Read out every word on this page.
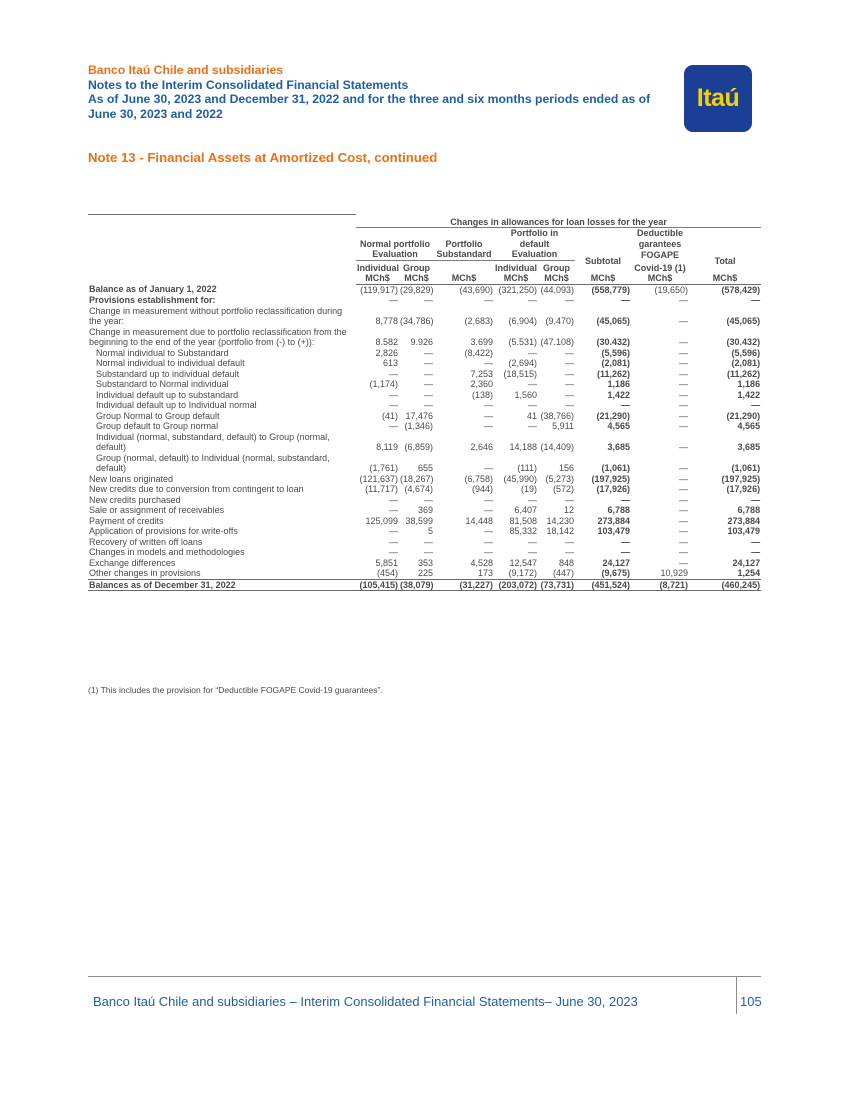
Banco Itaú Chile and subsidiaries
Notes to the Interim Consolidated Financial Statements
As of June 30, 2023 and December 31, 2022 and for the three and six months periods ended as of June 30, 2023 and 2022
Itaú
Note 13 - Financial Assets at Amortized Cost, continued
	Changes in allowances for loan losses for the year							
	Normal portfolio		Portfolio	Portfolio in default			Deductible garantees	
	Evaluation		Substandard	Evaluation		Subtotal	FOGAPE	Total
	Individual	Group		Individual	Group		Covid-19 (1)	
	MCh$	MCh$	MCh$	MCh$	MCh$	MCh$	MCh$	MCh$
Balance as of January 1, 2022	(119,917)	(29,829)	(43,690)	(321,250)	(44,093)	(558,779)	(19,650)	(578,429)
Provisions establishment for:	—	—	—	—	—	—	—	—
Change in measurement without portfolio reclassification during the year:	8,778	(34,786)	(2,683)	(6,904)	(9,470)	(45,065)	—	(45,065)
Change in measurement due to portfolio reclassification from the beginning to the end of the year (portfolio from (-) to (+)):	8.582	9.926	3.699	(5.531)	(47.108)	(30.432)	—	(30.432)
Normal individual to Substandard	2,826	—	(8,422)	—	—	(5,596)	—	(5,596)
Normal individual to individual default	613	—	—	(2,694)	—	(2,081)	—	(2,081)
Substandard up to individual default	—	—	7,253	(18,515)	—	(11,262)	—	(11,262)
Substandard to Normal individual	(1,174)	—	2,360	—	—	1,186	—	1,186
Individual default up to substandard	—	—	(138)	1,560	—	1,422	—	1,422
Individual default up to Individual normal	—	—	—	—	—	—	—	—
Group Normal to Group default	(41)	17,476	—	41	(38,766)	(21,290)	—	(21,290)
Group default to Group normal	—	(1,346)	—	—	5,911	4,565	—	4,565
Individual (normal, substandard, default) to Group (normal, default)	8,119	(6,859)	2,646	14,188	(14,409)	3,685	—	3,685
Group (normal, default) to Individual (normal, substandard, default)	(1,761)	655	—	(111)	156	(1,061)	—	(1,061)
New loans originated	(121,637)	(18,267)	(6,758)	(45,990)	(5,273)	(197,925)	—	(197,925)
New credits due to conversion from contingent to loan	(11,717)	(4,674)	(944)	(19)	(572)	(17,926)	—	(17,926)
New credits purchased	—	—	—	—	—	—	—	—
Sale or assignment of receivables	—	369	—	6,407	12	6,788	—	6,788
Payment of credits	125,099	38,599	14,448	81,508	14,230	273,884	—	273,884
Application of provisions for write-offs	—	5	—	85,332	18,142	103,479	—	103,479
Recovery of written off loans	—	—	—	—	—	—	—	—
Changes in models and methodologies	—	—	—	—	—	—	—	—
Exchange differences	5,851	353	4,528	12,547	848	24,127	—	24,127
Other changes in provisions	(454)	225	173	(9,172)	(447)	(9,675)	10,929	1,254
Balances as of December 31, 2022	(105,415)	(38,079)	(31,227)	(203,072)	(73,731)	(451,524)	(8,721)	(460,245)
(1) This includes the provision for “Deductible FOGAPE Covid-19 guarantees”.
Banco Itaú Chile and subsidiaries – Interim Consolidated Financial Statements– June 30, 2023	105
